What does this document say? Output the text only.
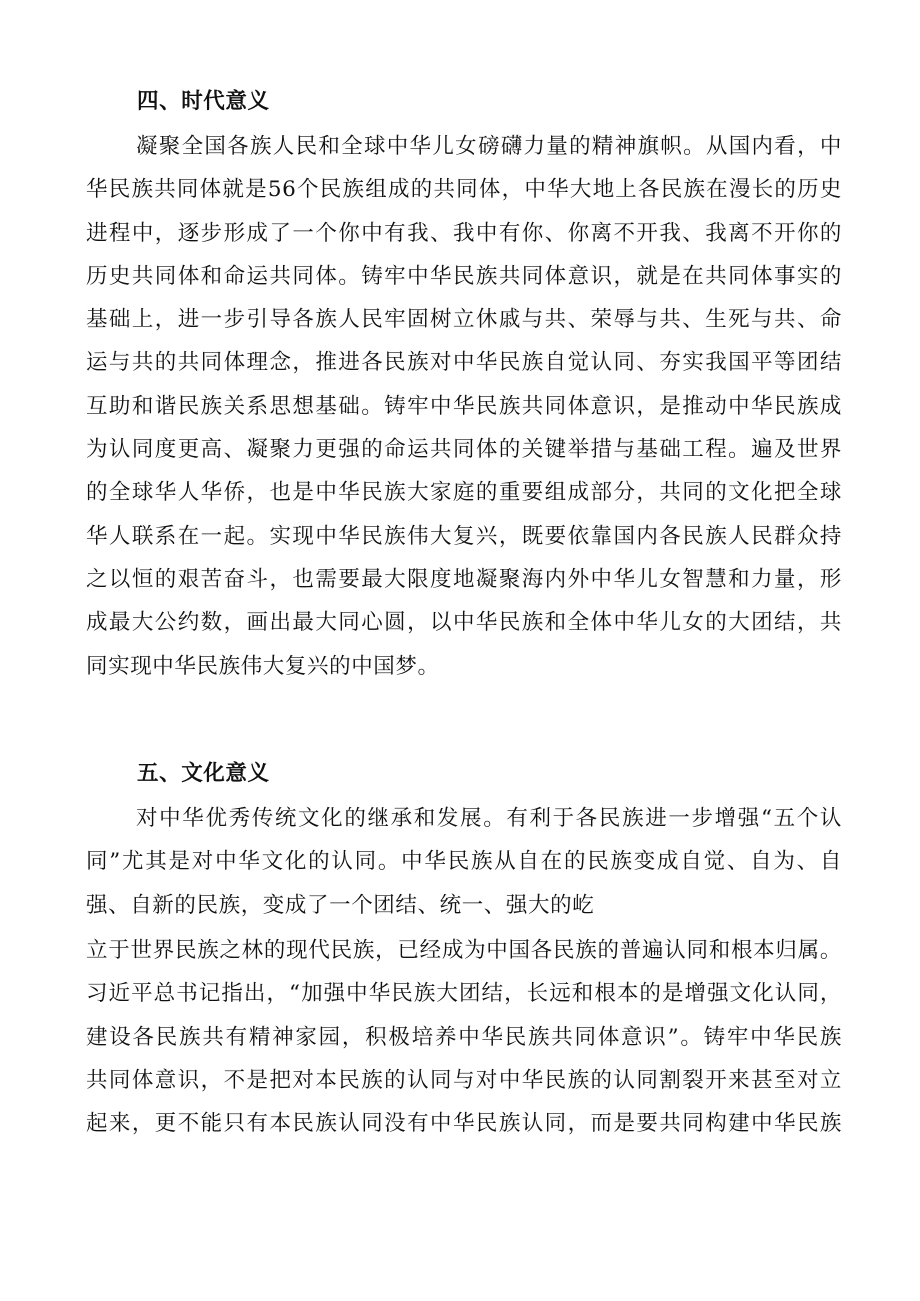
四、时代意义
凝聚全国各族人民和全球中华儿女磅礴力量的精神旗帜。从国内看，中
华民族共同体就是56个民族组成的共同体，中华大地上各民族在漫长的历史
进程中，逐步形成了一个你中有我、我中有你、你离不开我、我离不开你的
历史共同体和命运共同体。铸牢中华民族共同体意识，就是在共同体事实的
基础上，进一步引导各族人民牢固树立休戚与共、荣辱与共、生死与共、命
运与共的共同体理念，推进各民族对中华民族自觉认同、夯实我国平等团结
互助和谐民族关系思想基础。铸牢中华民族共同体意识，是推动中华民族成
为认同度更高、凝聚力更强的命运共同体的关键举措与基础工程。遍及世界
的全球华人华侨，也是中华民族大家庭的重要组成部分，共同的文化把全球
华人联系在一起。实现中华民族伟大复兴，既要依靠国内各民族人民群众持
之以恒的艰苦奋斗，也需要最大限度地凝聚海内外中华儿女智慧和力量，形
成最大公约数，画出最大同心圆，以中华民族和全体中华儿女的大团结，共
同实现中华民族伟大复兴的中国梦。
五、文化意义
对中华优秀传统文化的继承和发展。有利于各民族进一步增强“五个认
同”尤其是对中华文化的认同。中华民族从自在的民族变成自觉、自为、自
强、自新的民族，变成了一个团结、统一、强大的屹
立于世界民族之林的现代民族，已经成为中国各民族的普遍认同和根本归属。
习近平总书记指出，“加强中华民族大团结，长远和根本的是增强文化认同，
建设各民族共有精神家园，积极培养中华民族共同体意识”。铸牢中华民族
共同体意识，不是把对本民族的认同与对中华民族的认同割裂开来甚至对立
起来，更不能只有本民族认同没有中华民族认同，而是要共同构建中华民族
